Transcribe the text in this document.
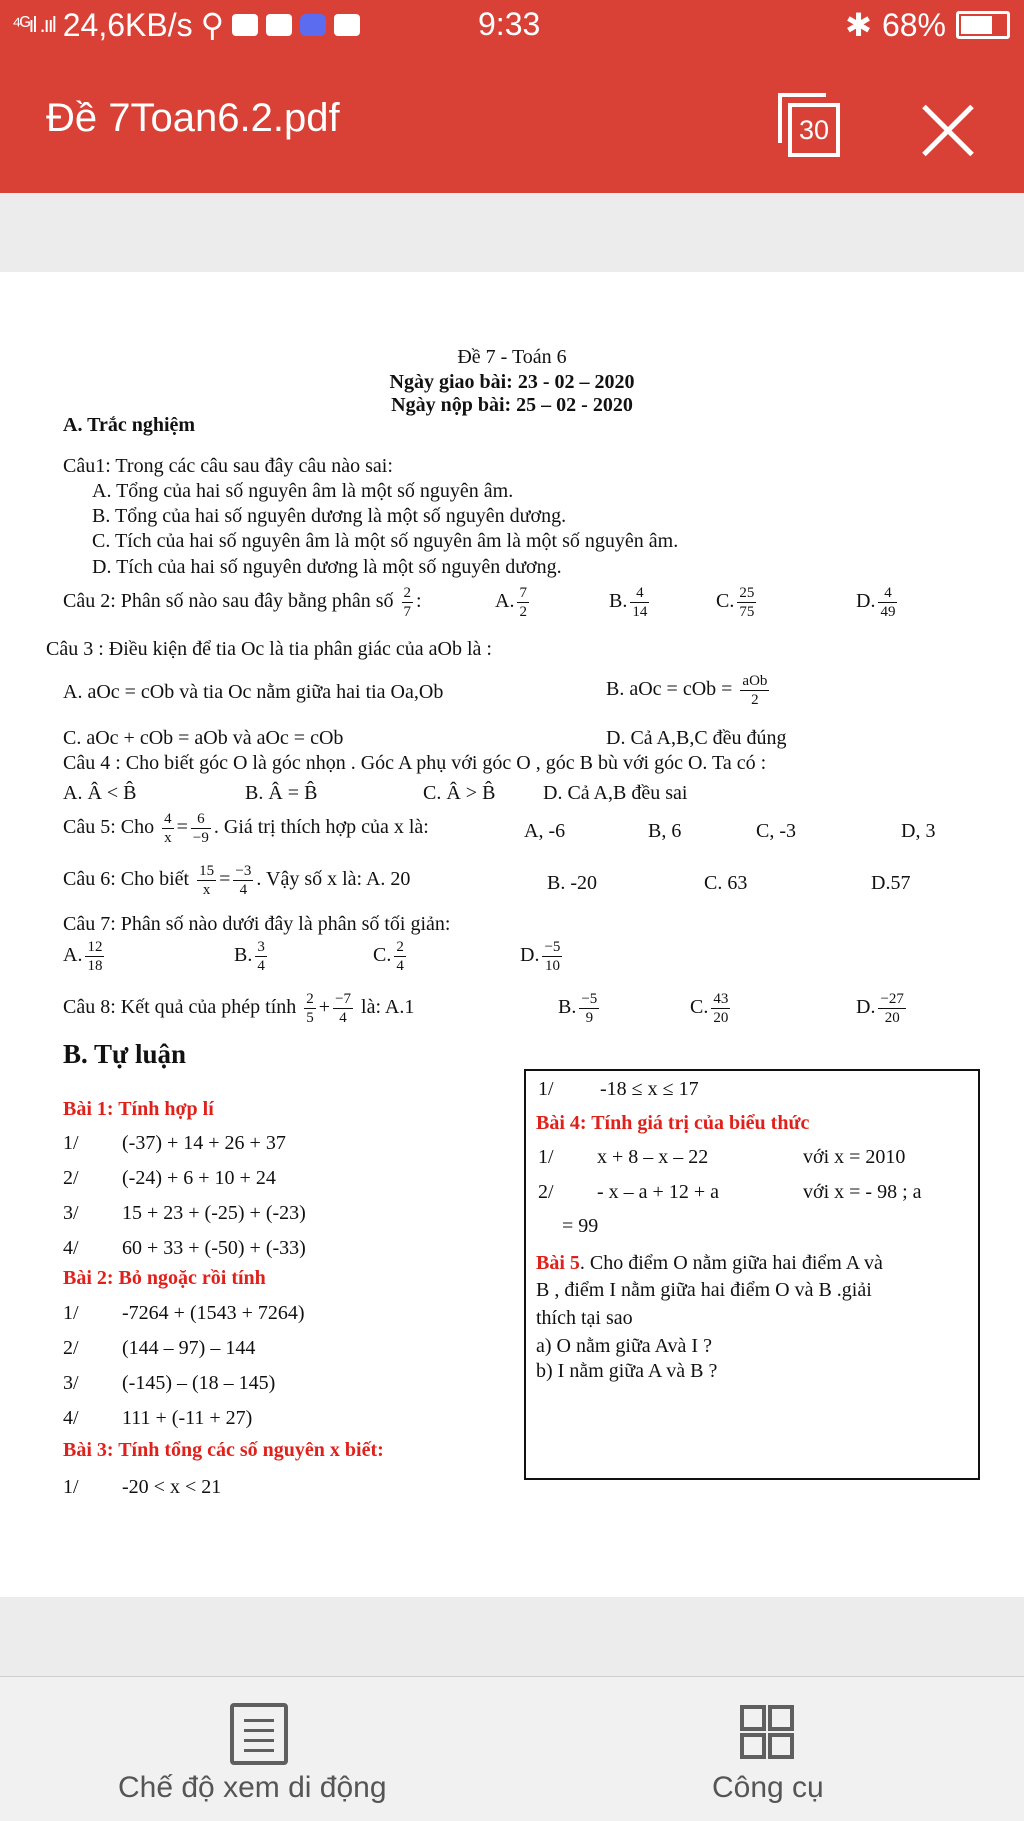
⁴ᴳıl .ııl 24,6KB/s ⚲	9:33	✱ 68%
Đề 7Toan6.2.pdf	30
Đề 7 - Toán 6
Ngày giao bài: 23 - 02 – 2020
Ngày nộp bài: 25 – 02 - 2020
A. Trắc nghiệm
Câu1: Trong các câu sau đây câu nào sai:
A. Tổng của hai số nguyên âm là một số nguyên âm.
B. Tổng của hai số nguyên dương là một số nguyên dương.
C. Tích của hai số nguyên âm là một số nguyên âm là một số nguyên âm.
D. Tích của hai số nguyên dương là một số nguyên dương.
Câu 2: Phân số nào sau đây bằng phân số $\frac{2}{7}$ :	A. $\frac{7}{2}$	B. $\frac{4}{14}$	C. $\frac{25}{75}$	D. $\frac{4}{49}$
Câu 3 : Điều kiện để tia Oc là tia phân giác của aOb là :
A. aOc = cOb và tia Oc nằm giữa hai tia Oa,Ob	B. aOc = cOb = $\frac{\text{aOb}}{2}$
C. aOc + cOb = aOb và aOc = cOb	D. Cả A,B,C đều đúng
Câu 4 : Cho biết góc O là góc nhọn . Góc A phụ với góc O , góc B bù với góc O. Ta có :
A. Â < B̂	B. Â = B̂	C. Â > B̂ D. Cả A,B đều sai
Câu 5: Cho $\frac{4}{x} = \frac{6}{-9}$ . Giá trị thích hợp của x là:	A, -6	B, 6	C, -3	D, 3
Câu 6: Cho biết $\frac{15}{x} = \frac{-3}{4}$ . Vậy số x là: A. 20	B. -20	C. 63	D.57
Câu 7: Phân số nào dưới đây là phân số tối giản:
A. $\frac{12}{18}$	B. $\frac{3}{4}$	C. $\frac{2}{4}$	D. $\frac{-5}{10}$
Câu 8: Kết quả của phép tính $\frac{2}{5} + \frac{-7}{4}$ là: A.1	B. $\frac{-5}{9}$	C. $\frac{43}{20}$	D. $\frac{-27}{20}$
B. Tự luận
Bài 1: Tính hợp lí
1/ (-37) + 14 + 26 + 37
2/ (-24) + 6 + 10 + 24
3/ 15 + 23 + (-25) + (-23)
4/ 60 + 33 + (-50) + (-33)
Bài 2: Bỏ ngoặc rồi tính
1/ -7264 + (1543 + 7264)
2/ (144 – 97) – 144
3/ (-145) – (18 – 145)
4/ 111 + (-11 + 27)
Bài 3: Tính tổng các số nguyên x biết:
1/ -20 < x < 21
1/ -18 ≤ x ≤ 17
Bài 4: Tính giá trị của biểu thức
1/ x + 8 – x – 22	với x = 2010
2/ - x – a + 12 + a	với x = - 98 ; a
= 99
Bài 5. Cho điểm O nằm giữa hai điểm A và
B , điểm I nằm giữa hai điểm O và B .giải
thích tại sao
a) O nằm giữa Avà I ?
b) I nằm giữa A và B ?
Chế độ xem di động	Công cụ
